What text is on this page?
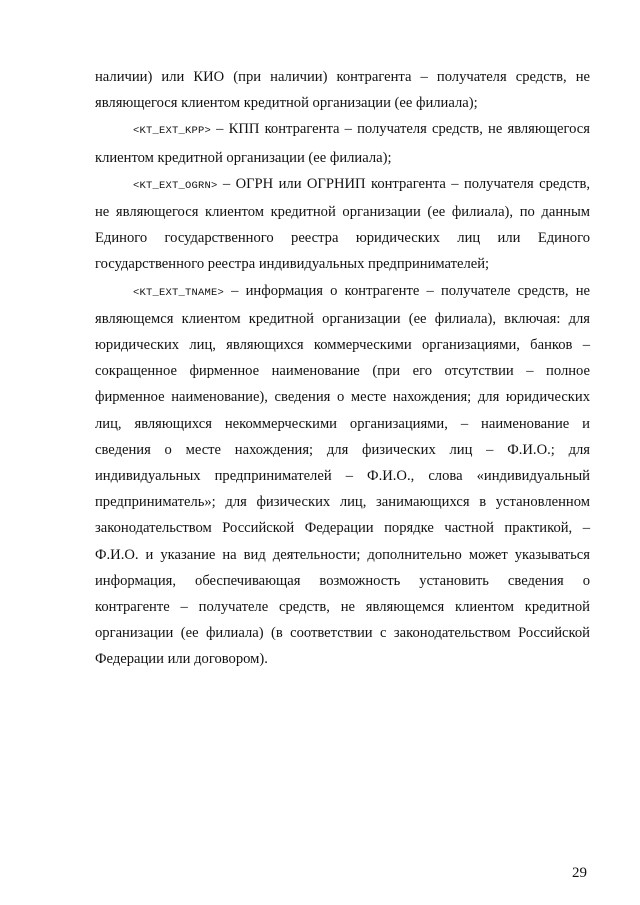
наличии) или КИО (при наличии) контрагента – получателя средств, не являющегося клиентом кредитной организации (ее филиала);

<KT_EXT_KPP> – КПП контрагента – получателя средств, не являющегося клиентом кредитной организации (ее филиала);

<KT_EXT_OGRN> – ОГРН или ОГРНИП контрагента – получателя средств, не являющегося клиентом кредитной организации (ее филиала), по данным Единого государственного реестра юридических лиц или Единого государственного реестра индивидуальных предпринимателей;

<KT_EXT_TNAME> – информация о контрагенте – получателе средств, не являющемся клиентом кредитной организации (ее филиала), включая: для юридических лиц, являющихся коммерческими организациями, банков – сокращенное фирменное наименование (при его отсутствии – полное фирменное наименование), сведения о месте нахождения; для юридических лиц, являющихся некоммерческими организациями, – наименование и сведения о месте нахождения; для физических лиц – Ф.И.О.; для индивидуальных предпринимателей – Ф.И.О., слова «индивидуальный предприниматель»; для физических лиц, занимающихся в установленном законодательством Российской Федерации порядке частной практикой, – Ф.И.О. и указание на вид деятельности; дополнительно может указываться информация, обеспечивающая возможность установить сведения о контрагенте – получателе средств, не являющемся клиентом кредитной организации (ее филиала) (в соответствии с законодательством Российской Федерации или договором).

29
